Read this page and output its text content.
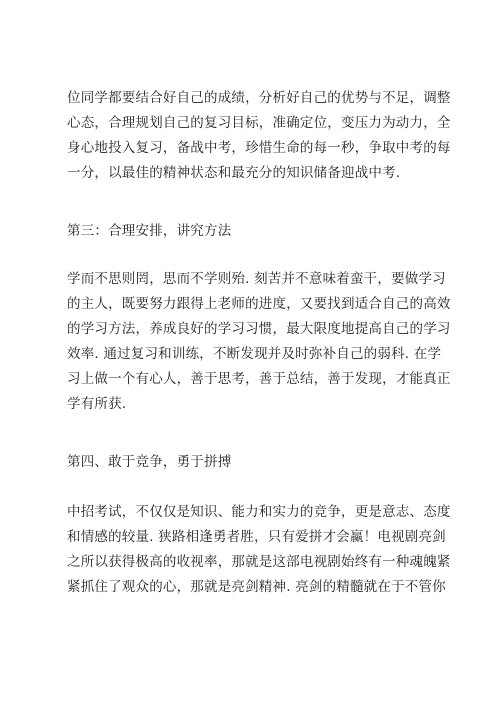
位同学都要结合好自己的成绩，分析好自己的优势与不足，调整
心态，合理规划自己的复习目标，准确定位，变压力为动力，全
身心地投入复习，备战中考，珍惜生命的每一秒，争取中考的每
一分，以最佳的精神状态和最充分的知识储备迎战中考.
第三：合理安排，讲究方法
学而不思则罔，思而不学则殆. 刻苦并不意味着蛮干，要做学习
的主人，既要努力跟得上老师的进度，又要找到适合自己的高效
的学习方法，养成良好的学习习惯，最大限度地提高自己的学习
效率. 通过复习和训练，不断发现并及时弥补自己的弱科. 在学
习上做一个有心人，善于思考，善于总结，善于发现，才能真正
学有所获.
第四、敢于竞争，勇于拼搏
中招考试，不仅仅是知识、能力和实力的竞争，更是意志、态度
和情感的较量. 狭路相逢勇者胜，只有爱拼才会赢！电视剧亮剑
之所以获得极高的收视率，那就是这部电视剧始终有一种魂魄紧
紧抓住了观众的心，那就是亮剑精神. 亮剑的精髓就在于不管你
